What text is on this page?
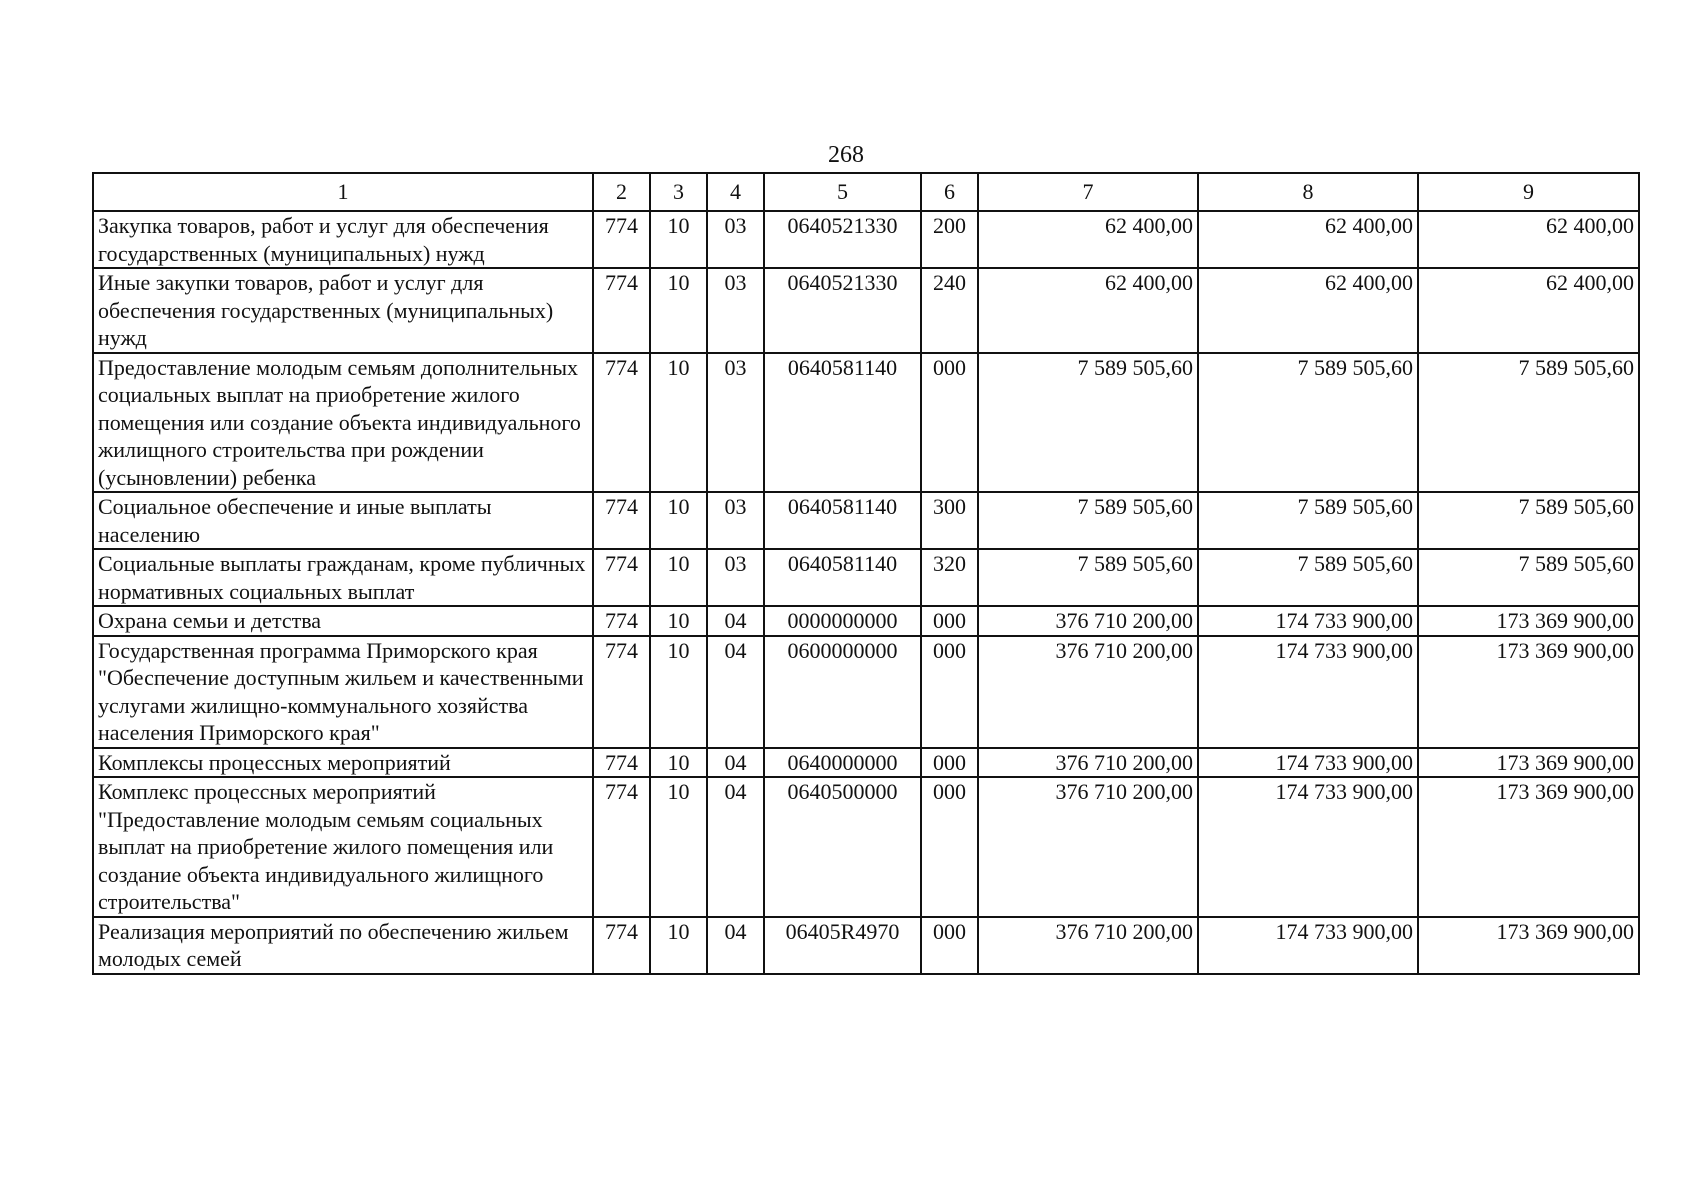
268
1	2	3	4	5	6	7	8	9
Закупка товаров, работ и услуг для обеспечения государственных (муниципальных) нужд	774	10	03	0640521330	200	62 400,00	62 400,00	62 400,00
Иные закупки товаров, работ и услуг для обеспечения государственных (муниципальных) нужд	774	10	03	0640521330	240	62 400,00	62 400,00	62 400,00
Предоставление молодым семьям дополнительных социальных выплат на приобретение жилого помещения или создание объекта индивидуального жилищного строительства при рождении (усыновлении) ребенка	774	10	03	0640581140	000	7 589 505,60	7 589 505,60	7 589 505,60
Социальное обеспечение и иные выплаты населению	774	10	03	0640581140	300	7 589 505,60	7 589 505,60	7 589 505,60
Социальные выплаты гражданам, кроме публичных нормативных социальных выплат	774	10	03	0640581140	320	7 589 505,60	7 589 505,60	7 589 505,60
Охрана семьи и детства	774	10	04	0000000000	000	376 710 200,00	174 733 900,00	173 369 900,00
Государственная программа Приморского края "Обеспечение доступным жильем и качественными услугами жилищно-коммунального хозяйства населения Приморского края"	774	10	04	0600000000	000	376 710 200,00	174 733 900,00	173 369 900,00
Комплексы процессных мероприятий	774	10	04	0640000000	000	376 710 200,00	174 733 900,00	173 369 900,00
Комплекс процессных мероприятий "Предоставление молодым семьям социальных выплат на приобретение жилого помещения или создание объекта индивидуального жилищного строительства"	774	10	04	0640500000	000	376 710 200,00	174 733 900,00	173 369 900,00
Реализация мероприятий по обеспечению жильем молодых семей	774	10	04	06405R4970	000	376 710 200,00	174 733 900,00	173 369 900,00
